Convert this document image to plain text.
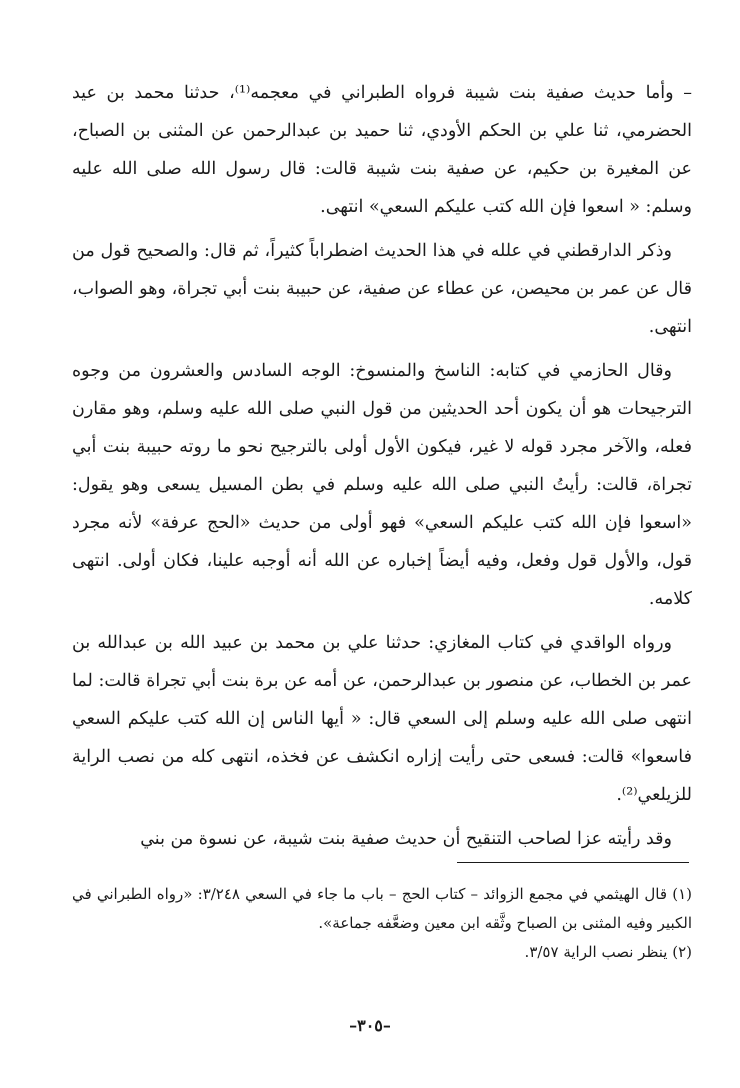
– وأما حديث صفية بنت شيبة فرواه الطبراني في معجمه⁽¹⁾، حدثنا محمد بن عيد الحضرمي، ثنا علي بن الحكم الأودي، ثنا حميد بن عبدالرحمن عن المثنى بن الصباح، عن المغيرة بن حكيم، عن صفية بنت شيبة قالت: قال رسول الله صلى الله عليه وسلم: « اسعوا فإن الله كتب عليكم السعي» انتهى.

وذكر الدارقطني في علله في هذا الحديث اضطراباً كثيراً، ثم قال: والصحيح قول من قال عن عمر بن محيصن، عن عطاء عن صفية، عن حبيبة بنت أبي تجراة، وهو الصواب، انتهى.

وقال الحازمي في كتابه: الناسخ والمنسوخ: الوجه السادس والعشرون من وجوه الترجيحات هو أن يكون أحد الحديثين من قول النبي صلى الله عليه وسلم، وهو مقارن فعله، والآخر مجرد قوله لا غير، فيكون الأول أولى بالترجيح نحو ما روته حبيبة بنت أبي تجراة، قالت: رأيتُ النبي صلى الله عليه وسلم في بطن المسيل يسعى وهو يقول: «اسعوا فإن الله كتب عليكم السعي» فهو أولى من حديث «الحج عرفة» لأنه مجرد قول، والأول قول وفعل، وفيه أيضاً إخباره عن الله أنه أوجبه علينا، فكان أولى. انتهى كلامه.

ورواه الواقدي في كتاب المغازي: حدثنا علي بن محمد بن عبيد الله بن عبدالله بن عمر بن الخطاب، عن منصور بن عبدالرحمن، عن أمه عن برة بنت أبي تجراة قالت: لما انتهى صلى الله عليه وسلم إلى السعي قال: « أيها الناس إن الله كتب عليكم السعي فاسعوا» قالت: فسعى حتى رأيت إزاره انكشف عن فخذه، انتهى كله من نصب الراية للزيلعي⁽²⁾.

وقد رأيته عزا لصاحب التنقيح أن حديث صفية بنت شيبة، عن نسوة من بني

(١) قال الهيثمي في مجمع الزوائد – كتاب الحج – باب ما جاء في السعي ٣/٢٤٨: «رواه الطبراني في الكبير وفيه المثنى بن الصباح وثَّقه ابن معين وضعَّفه جماعة».

(٢) ينظر نصب الراية ٣/٥٧.

–٣٠٥–
